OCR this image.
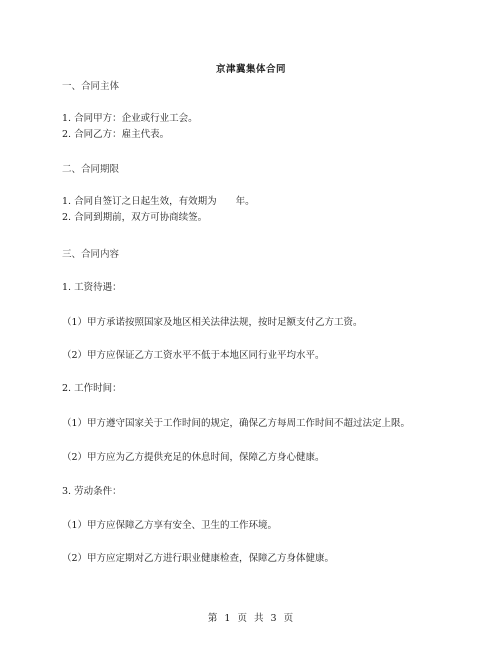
京津冀集体合同
一、合同主体
1. 合同甲方：企业或行业工会。
2. 合同乙方：雇主代表。
二、合同期限
1. 合同自签订之日起生效，有效期为　　年。
2. 合同到期前，双方可协商续签。
三、合同内容
1. 工资待遇：
（1）甲方承诺按照国家及地区相关法律法规，按时足额支付乙方工资。
（2）甲方应保证乙方工资水平不低于本地区同行业平均水平。
2. 工作时间：
（1）甲方遵守国家关于工作时间的规定，确保乙方每周工作时间不超过法定上限。
（2）甲方应为乙方提供充足的休息时间，保障乙方身心健康。
3. 劳动条件：
（1）甲方应保障乙方享有安全、卫生的工作环境。
（2）甲方应定期对乙方进行职业健康检查，保障乙方身体健康。
第 1 页 共 3 页
